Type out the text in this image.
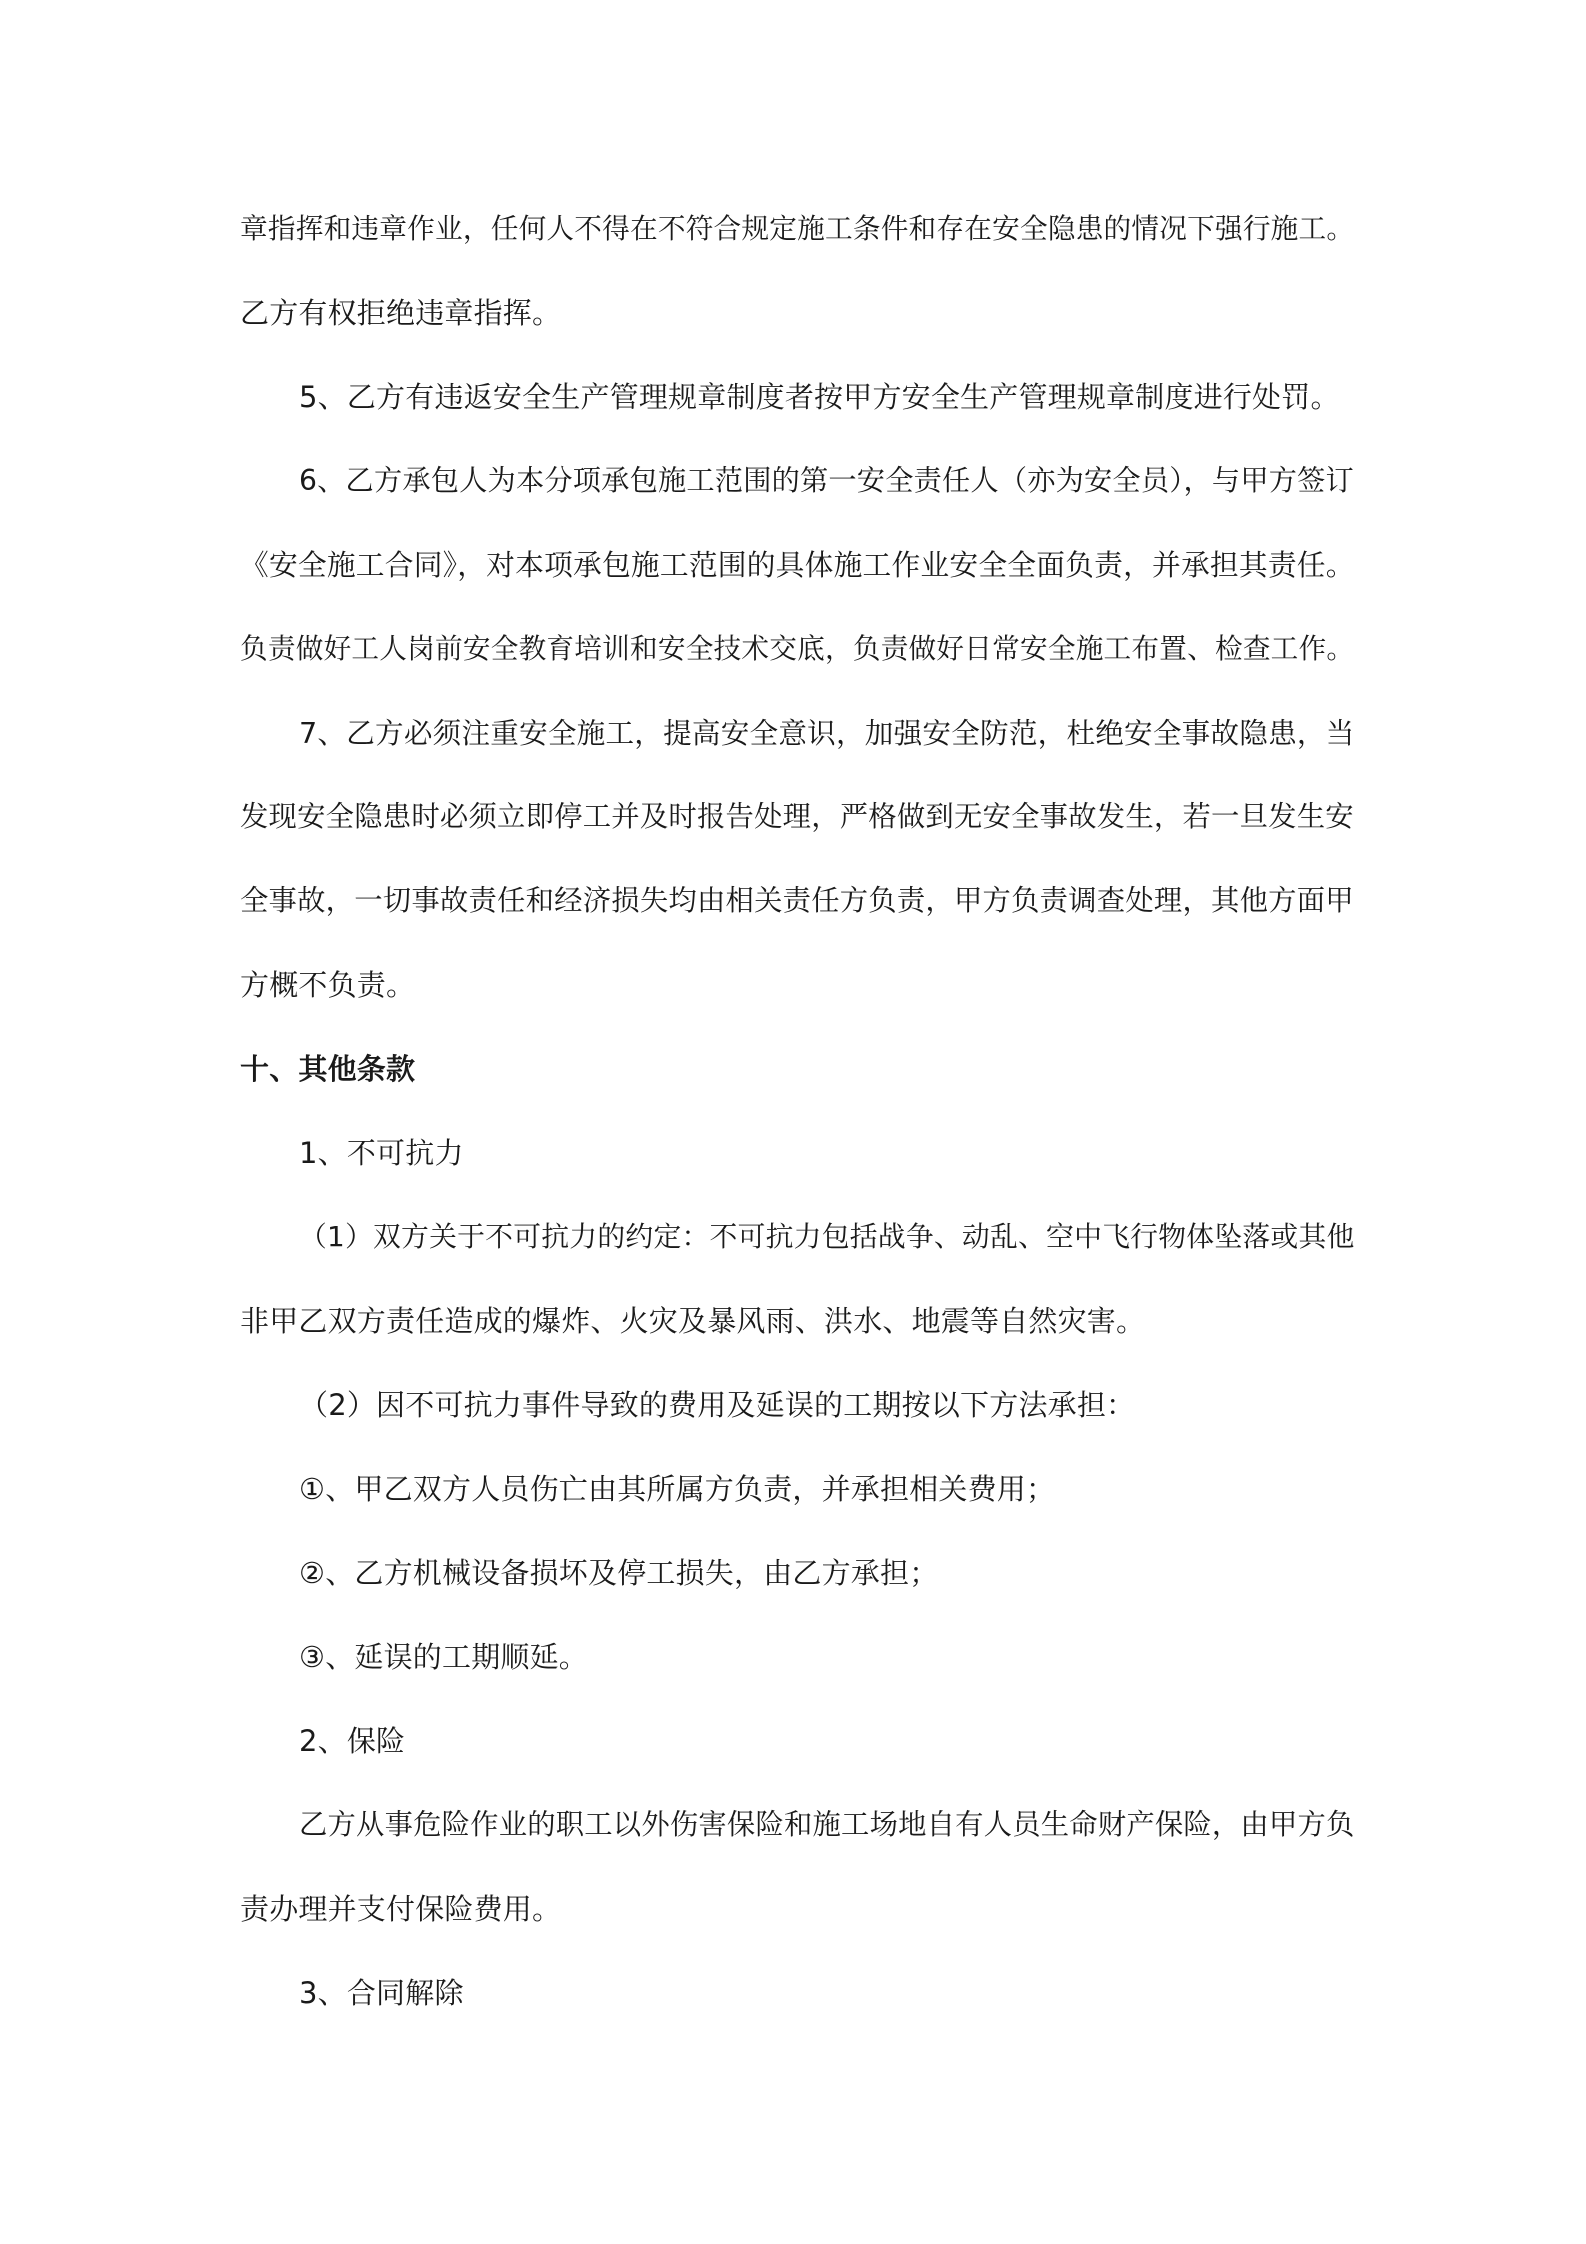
章指挥和违章作业，任何人不得在不符合规定施工条件和存在安全隐患的情况下强行施工。
乙方有权拒绝违章指挥。
5、乙方有违返安全生产管理规章制度者按甲方安全生产管理规章制度进行处罚。
6、乙方承包人为本分项承包施工范围的第一安全责任人（亦为安全员），与甲方签订
《安全施工合同》，对本项承包施工范围的具体施工作业安全全面负责，并承担其责任。
负责做好工人岗前安全教育培训和安全技术交底，负责做好日常安全施工布置、检查工作。
7、乙方必须注重安全施工，提高安全意识，加强安全防范，杜绝安全事故隐患，当
发现安全隐患时必须立即停工并及时报告处理，严格做到无安全事故发生，若一旦发生安
全事故，一切事故责任和经济损失均由相关责任方负责，甲方负责调查处理，其他方面甲
方概不负责。
十、其他条款
1、不可抗力
（1）双方关于不可抗力的约定：不可抗力包括战争、动乱、空中飞行物体坠落或其他
非甲乙双方责任造成的爆炸、火灾及暴风雨、洪水、地震等自然灾害。
（2）因不可抗力事件导致的费用及延误的工期按以下方法承担：
①、甲乙双方人员伤亡由其所属方负责，并承担相关费用；
②、乙方机械设备损坏及停工损失，由乙方承担；
③、延误的工期顺延。
2、保险
乙方从事危险作业的职工以外伤害保险和施工场地自有人员生命财产保险，由甲方负
责办理并支付保险费用。
3、合同解除
